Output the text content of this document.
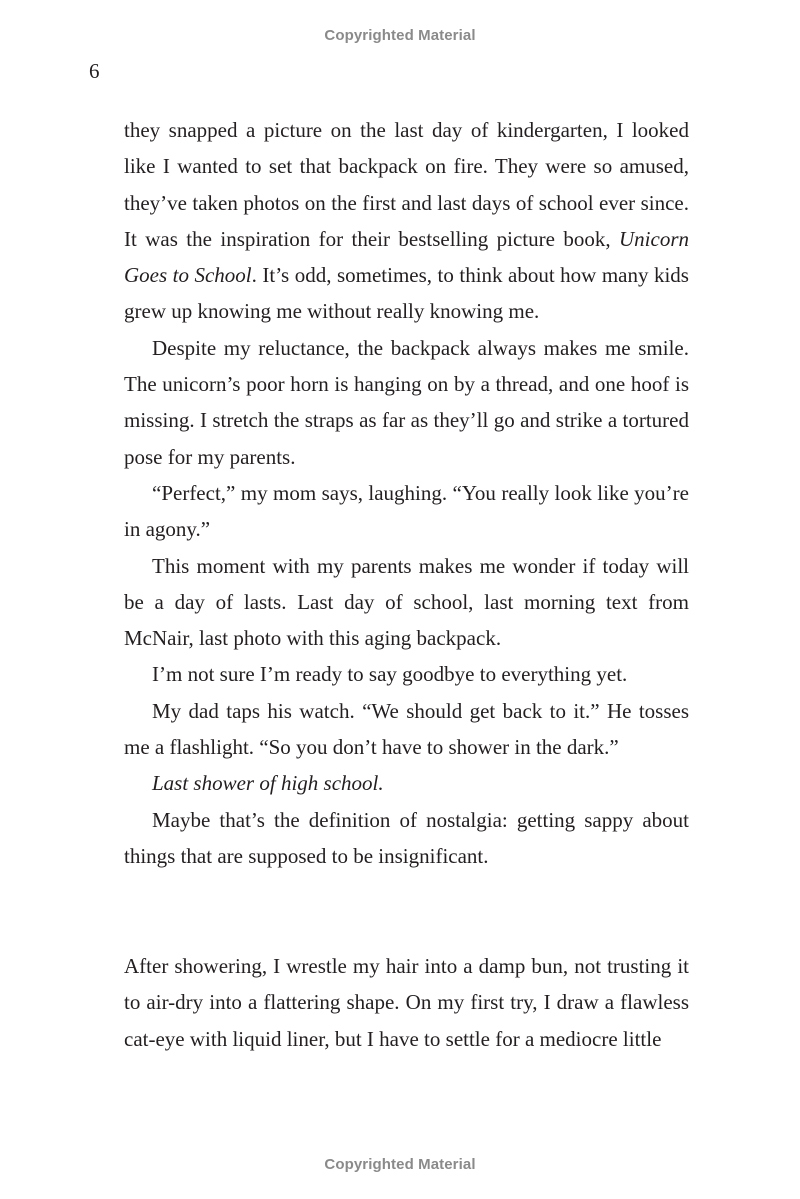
Copyrighted Material
6

they snapped a picture on the last day of kindergarten, I looked like I wanted to set that backpack on fire. They were so amused, they’ve taken photos on the first and last days of school ever since. It was the inspiration for their bestselling picture book, Unicorn Goes to School. It’s odd, sometimes, to think about how many kids grew up knowing me without really knowing me.

Despite my reluctance, the backpack always makes me smile. The unicorn’s poor horn is hanging on by a thread, and one hoof is missing. I stretch the straps as far as they’ll go and strike a tortured pose for my parents.

“Perfect,” my mom says, laughing. “You really look like you’re in agony.”

This moment with my parents makes me wonder if today will be a day of lasts. Last day of school, last morning text from McNair, last photo with this aging backpack.

I’m not sure I’m ready to say goodbye to everything yet.

My dad taps his watch. “We should get back to it.” He tosses me a flashlight. “So you don’t have to shower in the dark.”

Last shower of high school.

Maybe that’s the definition of nostalgia: getting sappy about things that are supposed to be insignificant.

After showering, I wrestle my hair into a damp bun, not trusting it to air-dry into a flattering shape. On my first try, I draw a flawless cat-eye with liquid liner, but I have to settle for a mediocre little

Copyrighted Material
